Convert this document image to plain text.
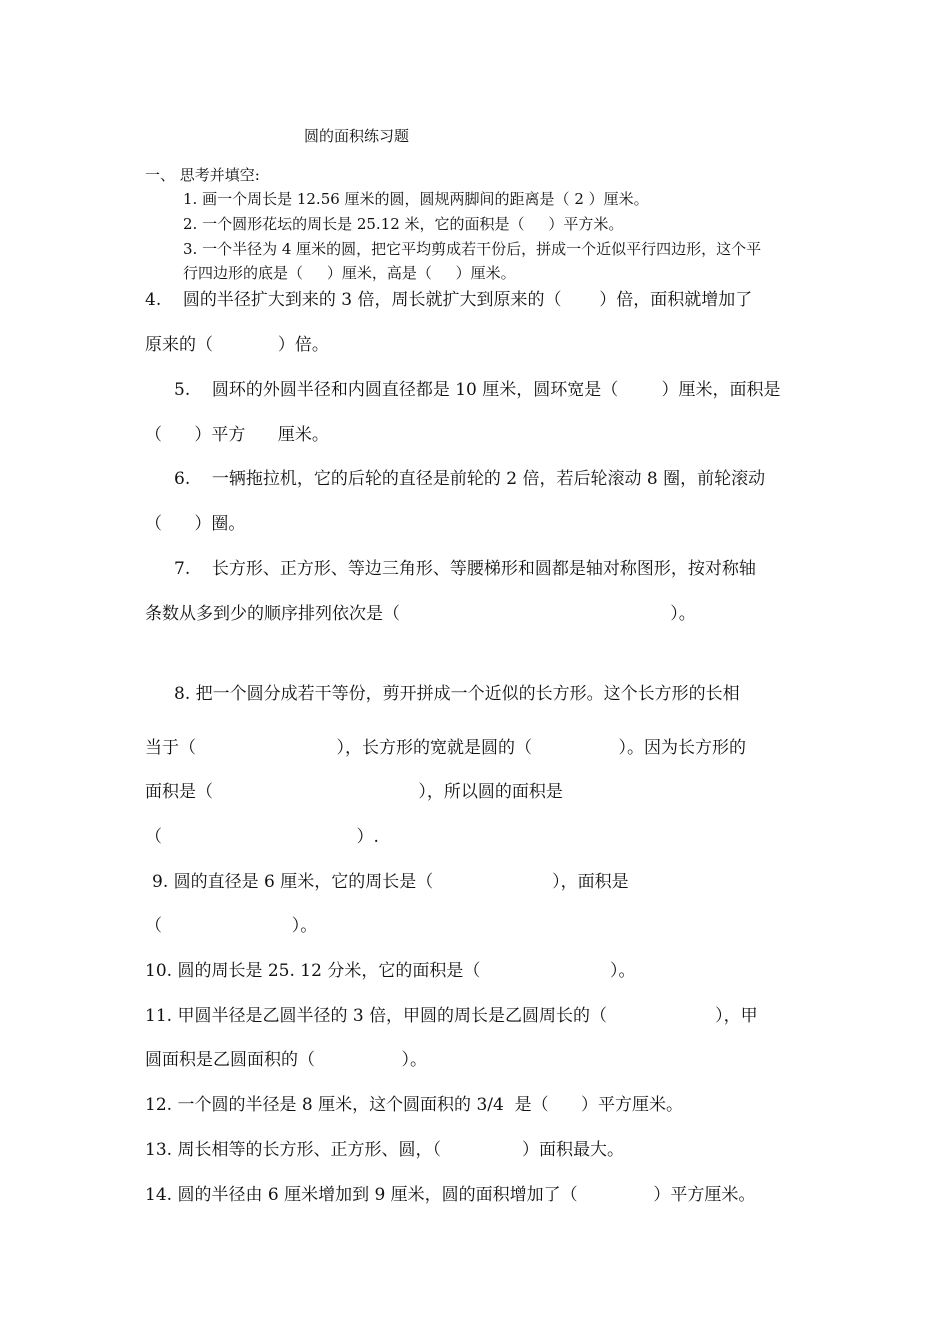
圆的面积练习题
一、 思考并填空:
1. 画一个周长是 12.56 厘米的圆，圆规两脚间的距离是（ 2 ）厘米。
2. 一个圆形花坛的周长是 25.12 米，它的面积是（     ）平方米。
3. 一个半径为 4 厘米的圆，把它平均剪成若干份后，拼成一个近似平行四边形，这个平
行四边形的底是（     ）厘米，高是（     ）厘米。
4.    圆的半径扩大到来的 3 倍，周长就扩大到原来的（       ）倍，面积就增加了
原来的（            ）倍。
5.    圆环的外圆半径和内圆直径都是 10 厘米，圆环宽是（        ）厘米，面积是
（      ）平方      厘米。
6.    一辆拖拉机，它的后轮的直径是前轮的 2 倍，若后轮滚动 8 圈，前轮滚动
（      ）圈。
7.    长方形、正方形、等边三角形、等腰梯形和圆都是轴对称图形，按对称轴
条数从多到少的顺序排列依次是（                                                  ）。
8. 把一个圆分成若干等份，剪开拼成一个近似的长方形。这个长方形的长相
当于（                          ），长方形的宽就是圆的（                ）。因为长方形的
面积是（                                      ），所以圆的面积是
（                                    ）.
9. 圆的直径是 6 厘米，它的周长是（                      ），面积是
（                        ）。
10. 圆的周长是 25. 12 分米，它的面积是（                        ）。
11. 甲圆半径是乙圆半径的 3 倍，甲圆的周长是乙圆周长的（                    ），甲
圆面积是乙圆面积的（                ）。
12. 一个圆的半径是 8 厘米，这个圆面积的 3/4  是（      ）平方厘米。
13. 周长相等的长方形、正方形、圆，（               ）面积最大。
14. 圆的半径由 6 厘米增加到 9 厘米，圆的面积增加了（              ）平方厘米。
